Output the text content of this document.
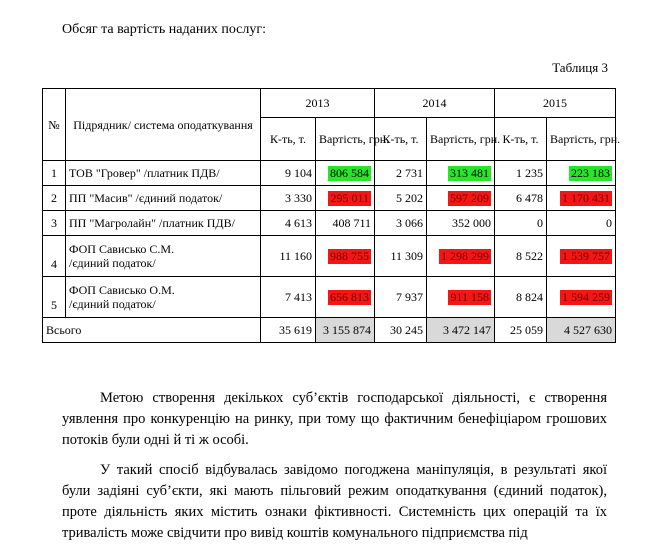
Обсяг та вартість наданих послуг:
Таблиця 3
№	Підрядник/ система оподаткування	2013		2014		2015	
		К-ть, т.	Вартість, грн.	К-ть, т.	Вартість, грн.	К-ть, т.	Вартість, грн.
1	ТОВ "Гровер" /платник ПДВ/	9 104	806 584	2 731	313 481	1 235	223 183
2	ПП "Масив" /єдиний податок/	3 330	295 011	5 202	597 209	6 478	1 170 431
3	ПП "Магролайн" /платник ПДВ/	4 613	408 711	3 066	352 000	0	0
4	ФОП Сависько С.М.
/єдиний податок/	11 160	988 755	11 309	1 298 299	8 522	1 539 757
5	ФОП Сависько О.М.
/єдиний податок/	7 413	656 813	7 937	911 158	8 824	1 594 259
Всього		35 619	3 155 874	30 245	3 472 147	25 059	4 527 630

Метою створення декількох суб’єктів господарської діяльності, є створення уявлення про конкуренцію на ринку, при тому що фактичним бенефіціаром грошових потоків були одні й ті ж особі.

У такий спосіб відбувалась завідомо погоджена маніпуляція, в результаті якої були задіяні суб’єкти, які мають пільговий режим оподаткування (єдиний податок), проте діяльність яких містить ознаки фіктивності. Системність цих операцій та їх тривалість може свідчити про вивід коштів комунального підприємства під
